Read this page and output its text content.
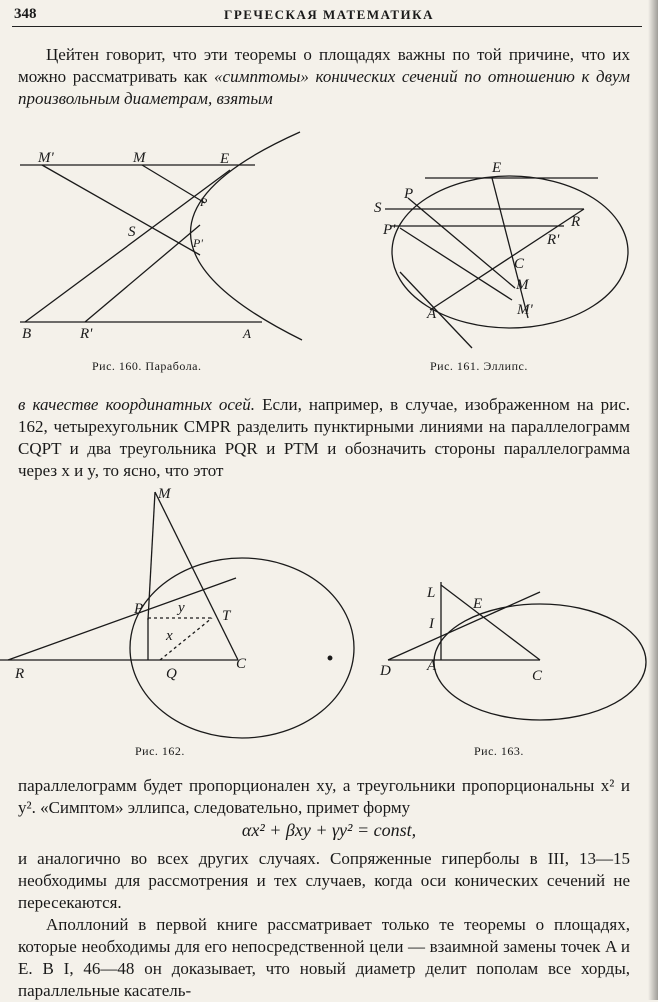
348	ГРЕЧЕСКАЯ МАТЕМАТИКА
Цейтен говорит, что эти теоремы о площадях важны по той причине, что их можно рассматривать как «симптомы» конических сечений по отношению к двум произвольным диаметрам, взятым
M'	M	E
P
S
P'
B	R'	A
E
P
S
P'	R
R'
C
M
M'
A
M
P y T
x
R	Q
C
L
E
I
D A
C
Рис. 160. Парабола.	Рис. 161. Эллипс.
в качестве координатных осей. Если, например, в случае, изображенном на рис. 162, четырехугольник CMPR разделить пунктирными линиями на параллелограмм CQPT и два треугольника PQR и PTM и обозначить стороны параллелограмма через x и y, то ясно, что этот
Рис. 162.	Рис. 163.
параллелограмм будет пропорционален xy, а треугольники пропорциональны x² и y². «Симптом» эллипса, следовательно, примет форму
αx² + βxy + γy² = const,
и аналогично во всех других случаях. Сопряженные гиперболы в III, 13—15 необходимы для рассмотрения и тех случаев, когда оси конических сечений не пересекаются.
Аполлоний в первой книге рассматривает только те теоремы о площадях, которые необходимы для его непосредственной цели — взаимной замены точек A и E. В I, 46—48 он доказывает, что новый диаметр делит пополам все хорды, параллельные касатель-
